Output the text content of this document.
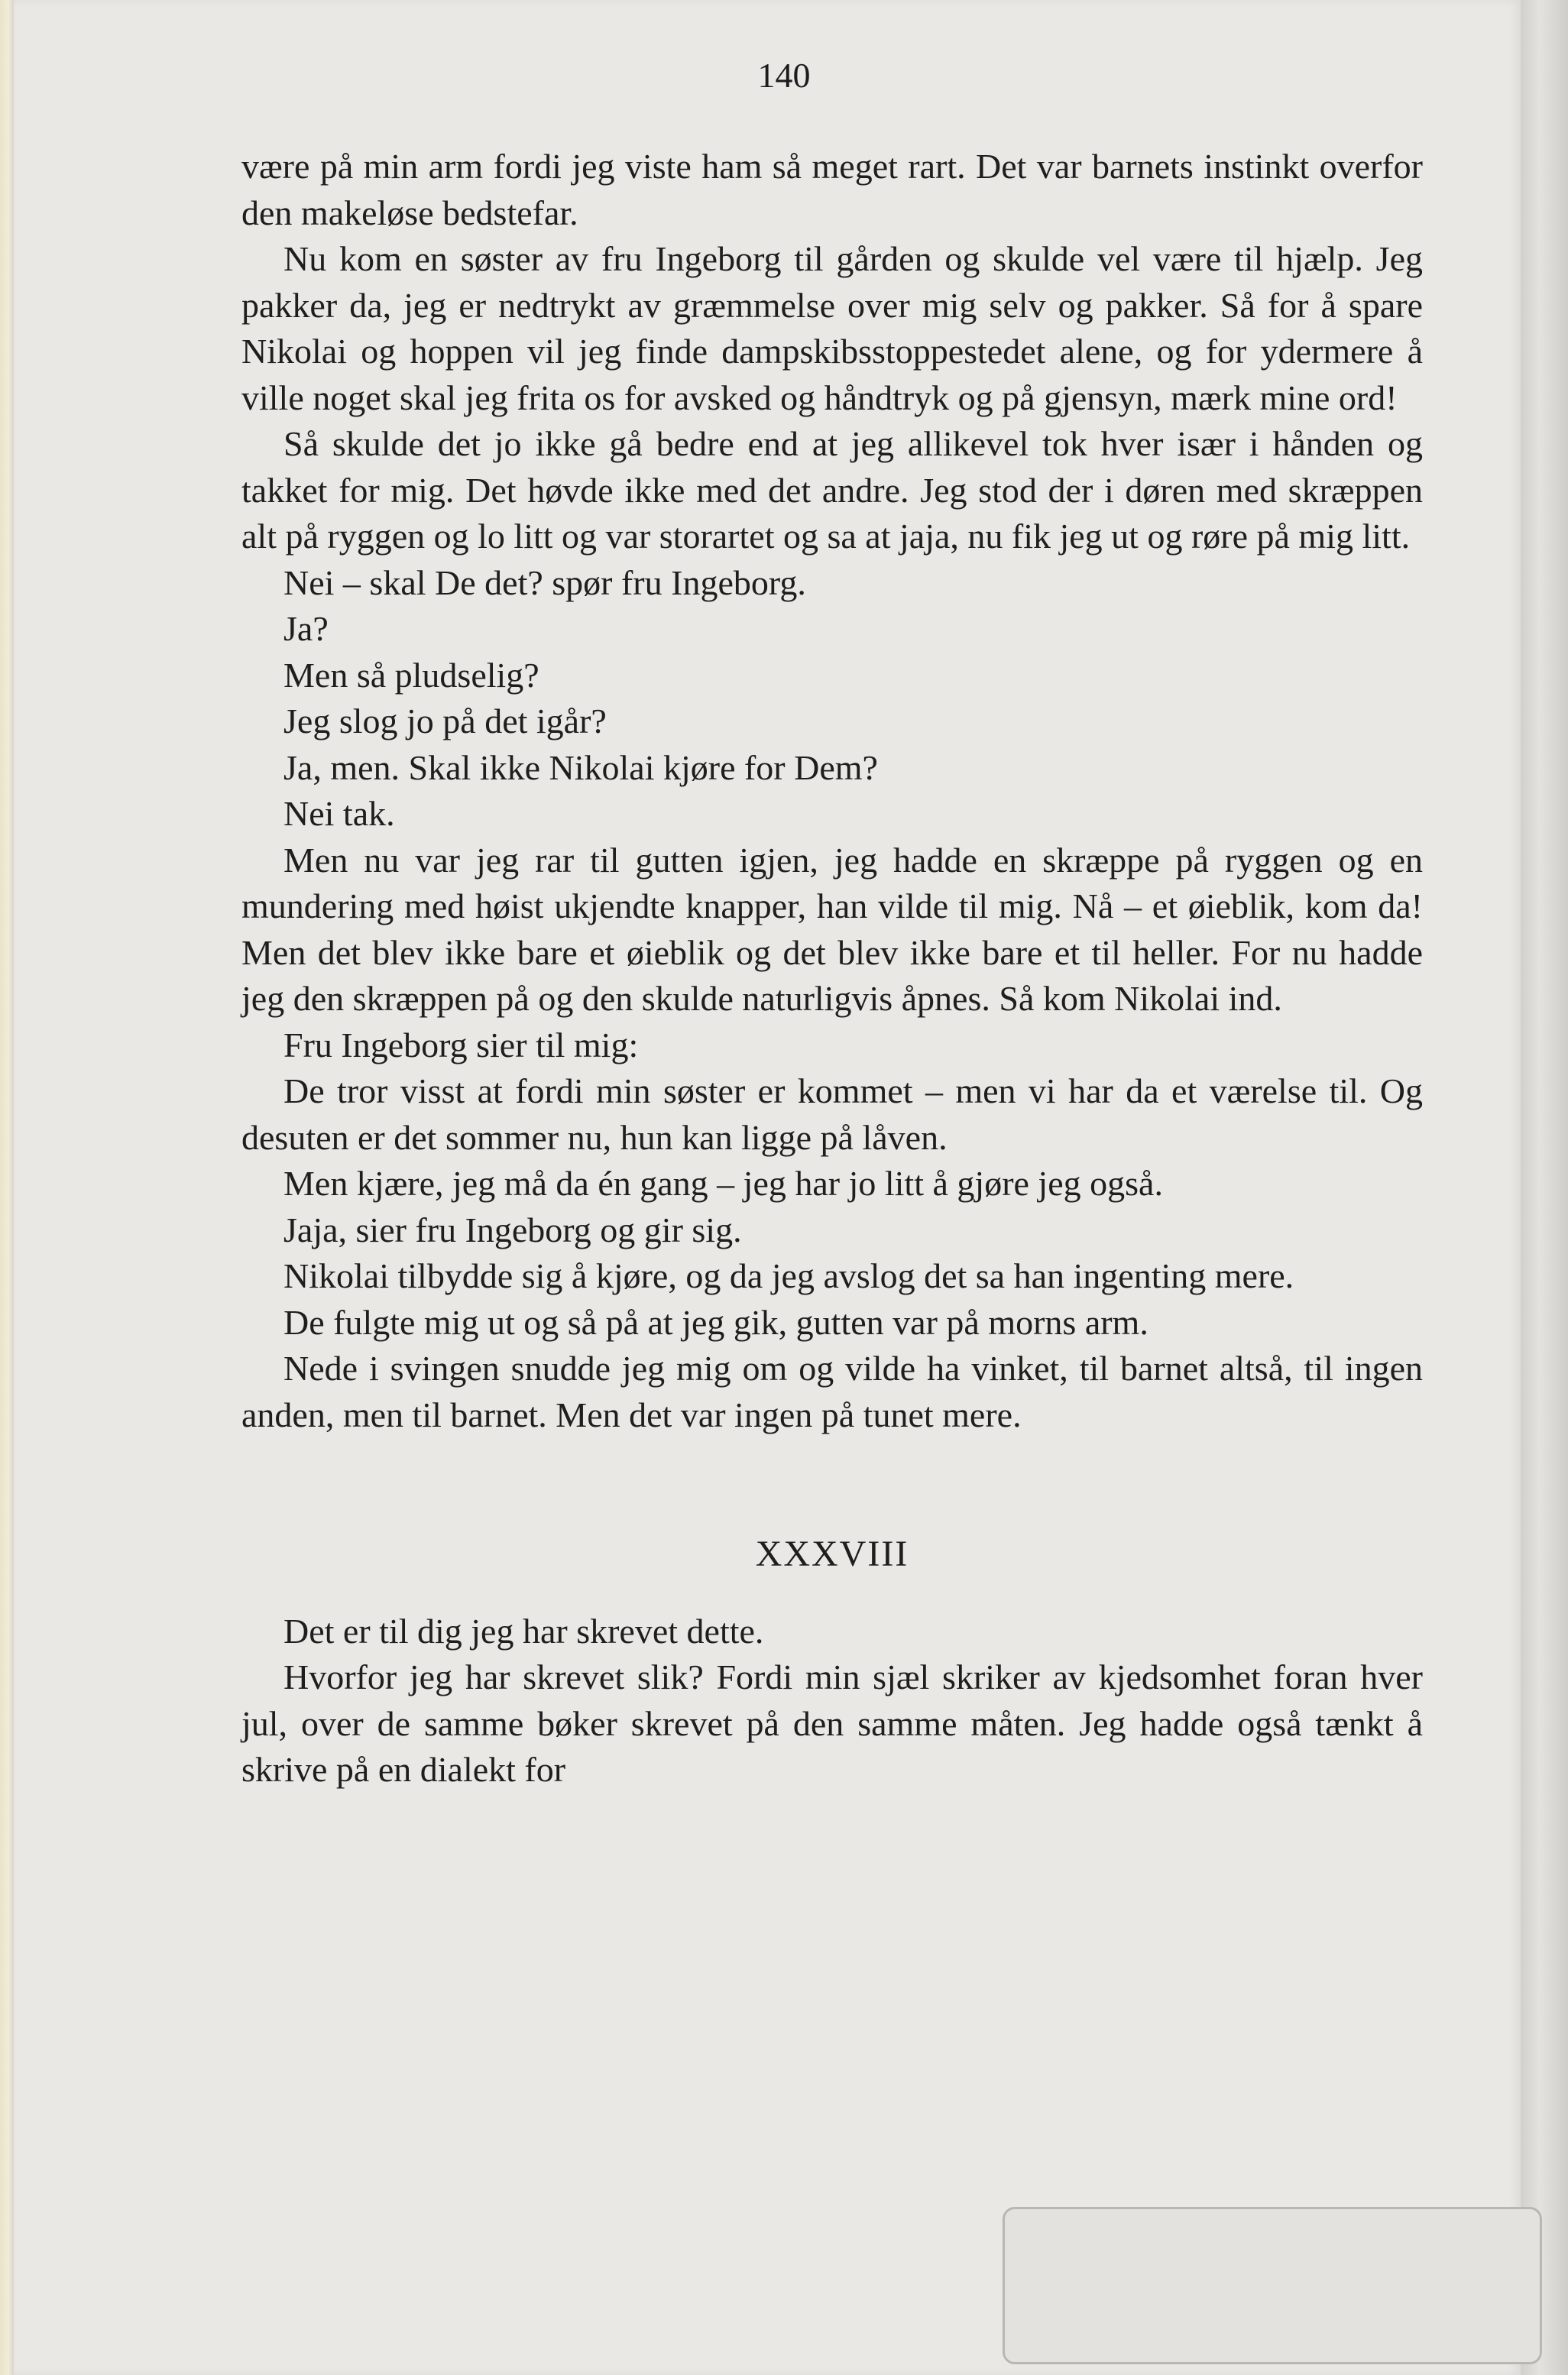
140

være på min arm fordi jeg viste ham så meget rart. Det var barnets instinkt overfor den makeløse bedstefar.

Nu kom en søster av fru Ingeborg til gården og skulde vel være til hjælp. Jeg pakker da, jeg er nedtrykt av græmmelse over mig selv og pakker. Så for å spare Nikolai og hoppen vil jeg finde dampskibsstoppestedet alene, og for ydermere å ville noget skal jeg frita os for avsked og håndtryk og på gjensyn, mærk mine ord!

Så skulde det jo ikke gå bedre end at jeg allikevel tok hver især i hånden og takket for mig. Det høvde ikke med det andre. Jeg stod der i døren med skræppen alt på ryggen og lo litt og var storartet og sa at jaja, nu fik jeg ut og røre på mig litt.

Nei – skal De det? spør fru Ingeborg.

Ja?

Men så pludselig?

Jeg slog jo på det igår?

Ja, men. Skal ikke Nikolai kjøre for Dem?

Nei tak.

Men nu var jeg rar til gutten igjen, jeg hadde en skræppe på ryggen og en mundering med høist ukjendte knapper, han vilde til mig. Nå – et øieblik, kom da! Men det blev ikke bare et øieblik og det blev ikke bare et til heller. For nu hadde jeg den skræppen på og den skulde naturligvis åpnes. Så kom Nikolai ind.

Fru Ingeborg sier til mig:

De tror visst at fordi min søster er kommet – men vi har da et værelse til. Og desuten er det sommer nu, hun kan ligge på låven.

Men kjære, jeg må da én gang – jeg har jo litt å gjøre jeg også.

Jaja, sier fru Ingeborg og gir sig.

Nikolai tilbydde sig å kjøre, og da jeg avslog det sa han ingenting mere.

De fulgte mig ut og så på at jeg gik, gutten var på morns arm.

Nede i svingen snudde jeg mig om og vilde ha vinket, til barnet altså, til ingen anden, men til barnet. Men det var ingen på tunet mere.

XXXVIII

Det er til dig jeg har skrevet dette.

Hvorfor jeg har skrevet slik? Fordi min sjæl skriker av kjedsomhet foran hver jul, over de samme bøker skrevet på den samme måten. Jeg hadde også tænkt å skrive på en dialekt for
